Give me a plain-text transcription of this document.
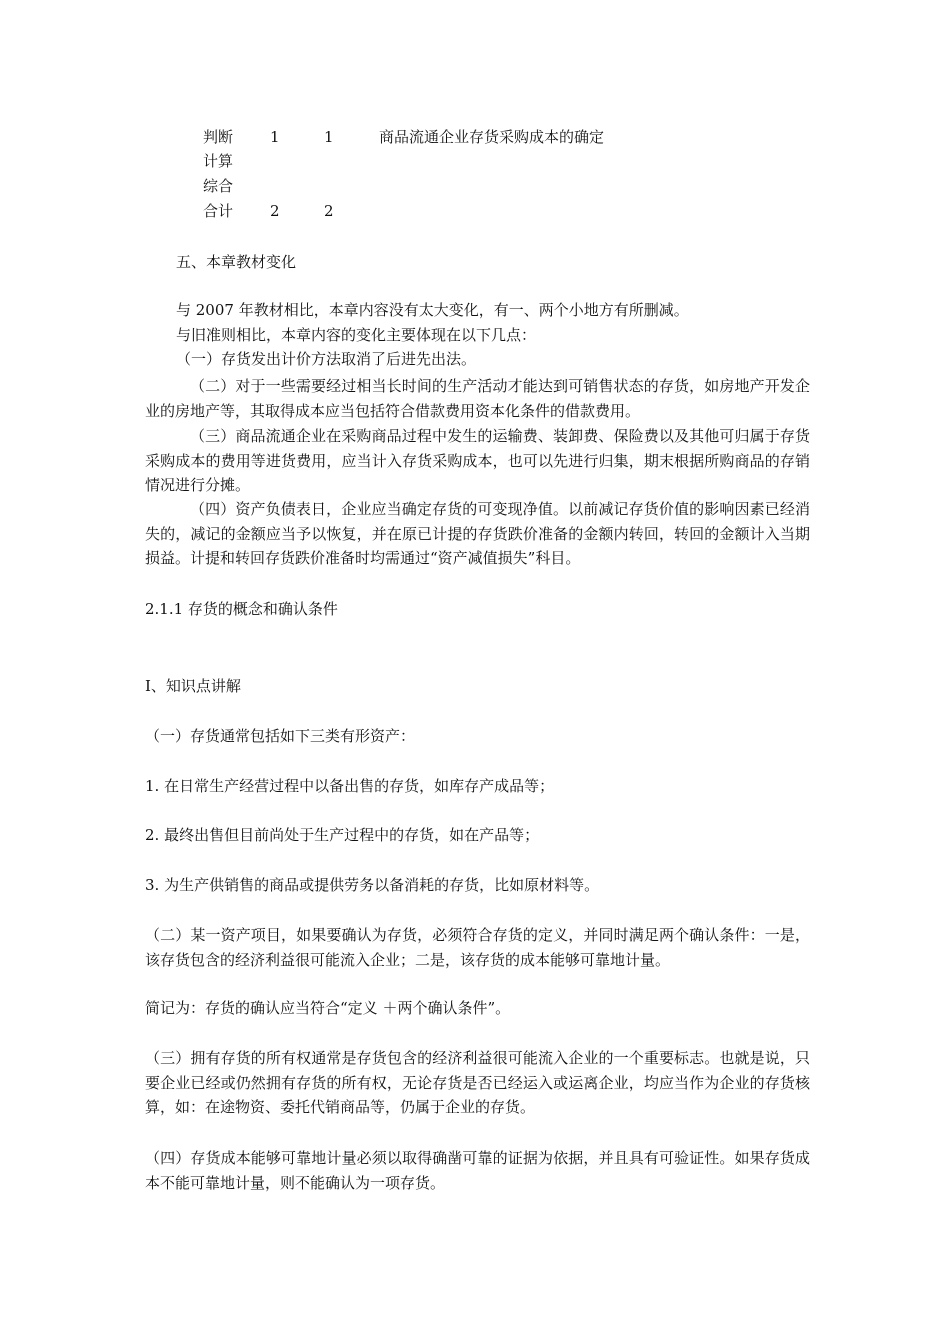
判断 1	1	商品流通企业存货采购成本的确定
计算
综合
合计 2	2
五、本章教材变化
与 2007 年教材相比，本章内容没有太大变化，有一、两个小地方有所删减。
与旧准则相比，本章内容的变化主要体现在以下几点：
（一）存货发出计价方法取消了后进先出法。
（二）对于一些需要经过相当长时间的生产活动才能达到可销售状态的存货，如房地产开发企业的房地产等，其取得成本应当包括符合借款费用资本化条件的借款费用。
（三）商品流通企业在采购商品过程中发生的运输费、装卸费、保险费以及其他可归属于存货采购成本的费用等进货费用，应当计入存货采购成本，也可以先进行归集，期末根据所购商品的存销情况进行分摊。
（四）资产负债表日，企业应当确定存货的可变现净值。以前减记存货价值的影响因素已经消失的，减记的金额应当予以恢复，并在原已计提的存货跌价准备的金额内转回，转回的金额计入当期损益。计提和转回存货跌价准备时均需通过“资产减值损失”科目。
2.1.1 存货的概念和确认条件
Ⅰ、知识点讲解
（一）存货通常包括如下三类有形资产：
1. 在日常生产经营过程中以备出售的存货，如库存产成品等；
2. 最终出售但目前尚处于生产过程中的存货，如在产品等；
3. 为生产供销售的商品或提供劳务以备消耗的存货，比如原材料等。
（二）某一资产项目，如果要确认为存货，必须符合存货的定义，并同时满足两个确认条件：一是，该存货包含的经济利益很可能流入企业；二是，该存货的成本能够可靠地计量。
简记为：存货的确认应当符合“定义 ＋两个确认条件”。
（三）拥有存货的所有权通常是存货包含的经济利益很可能流入企业的一个重要标志。也就是说，只要企业已经或仍然拥有存货的所有权，无论存货是否已经运入或运离企业，均应当作为企业的存货核算，如：在途物资、委托代销商品等，仍属于企业的存货。
（四）存货成本能够可靠地计量必须以取得确凿可靠的证据为依据，并且具有可验证性。如果存货成本不能可靠地计量，则不能确认为一项存货。
